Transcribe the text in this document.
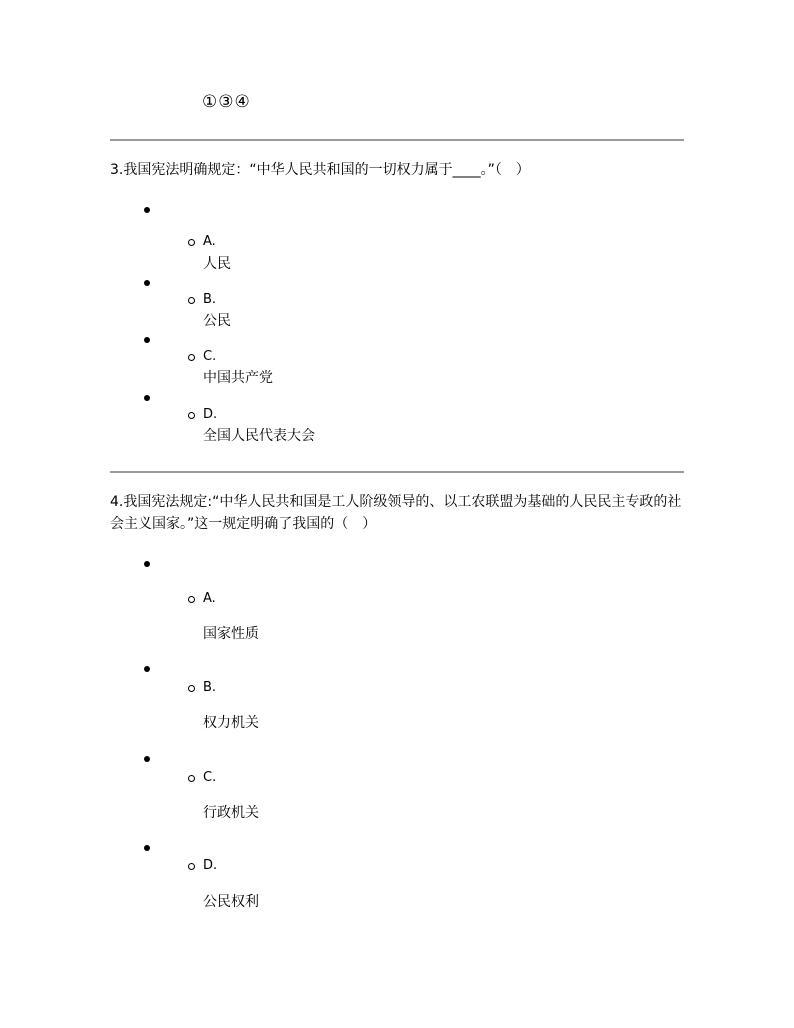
①③④
3.我国宪法明确规定：“中华人民共和国的一切权力属于____。”（　）
A.
人民
B.
公民
C.
中国共产党
D.
全国人民代表大会
4.我国宪法规定:“中华人民共和国是工人阶级领导的、以工农联盟为基础的人民民主专政的社会主义国家。”这一规定明确了我国的（　）
A.
国家性质
B.
权力机关
C.
行政机关
D.
公民权利
